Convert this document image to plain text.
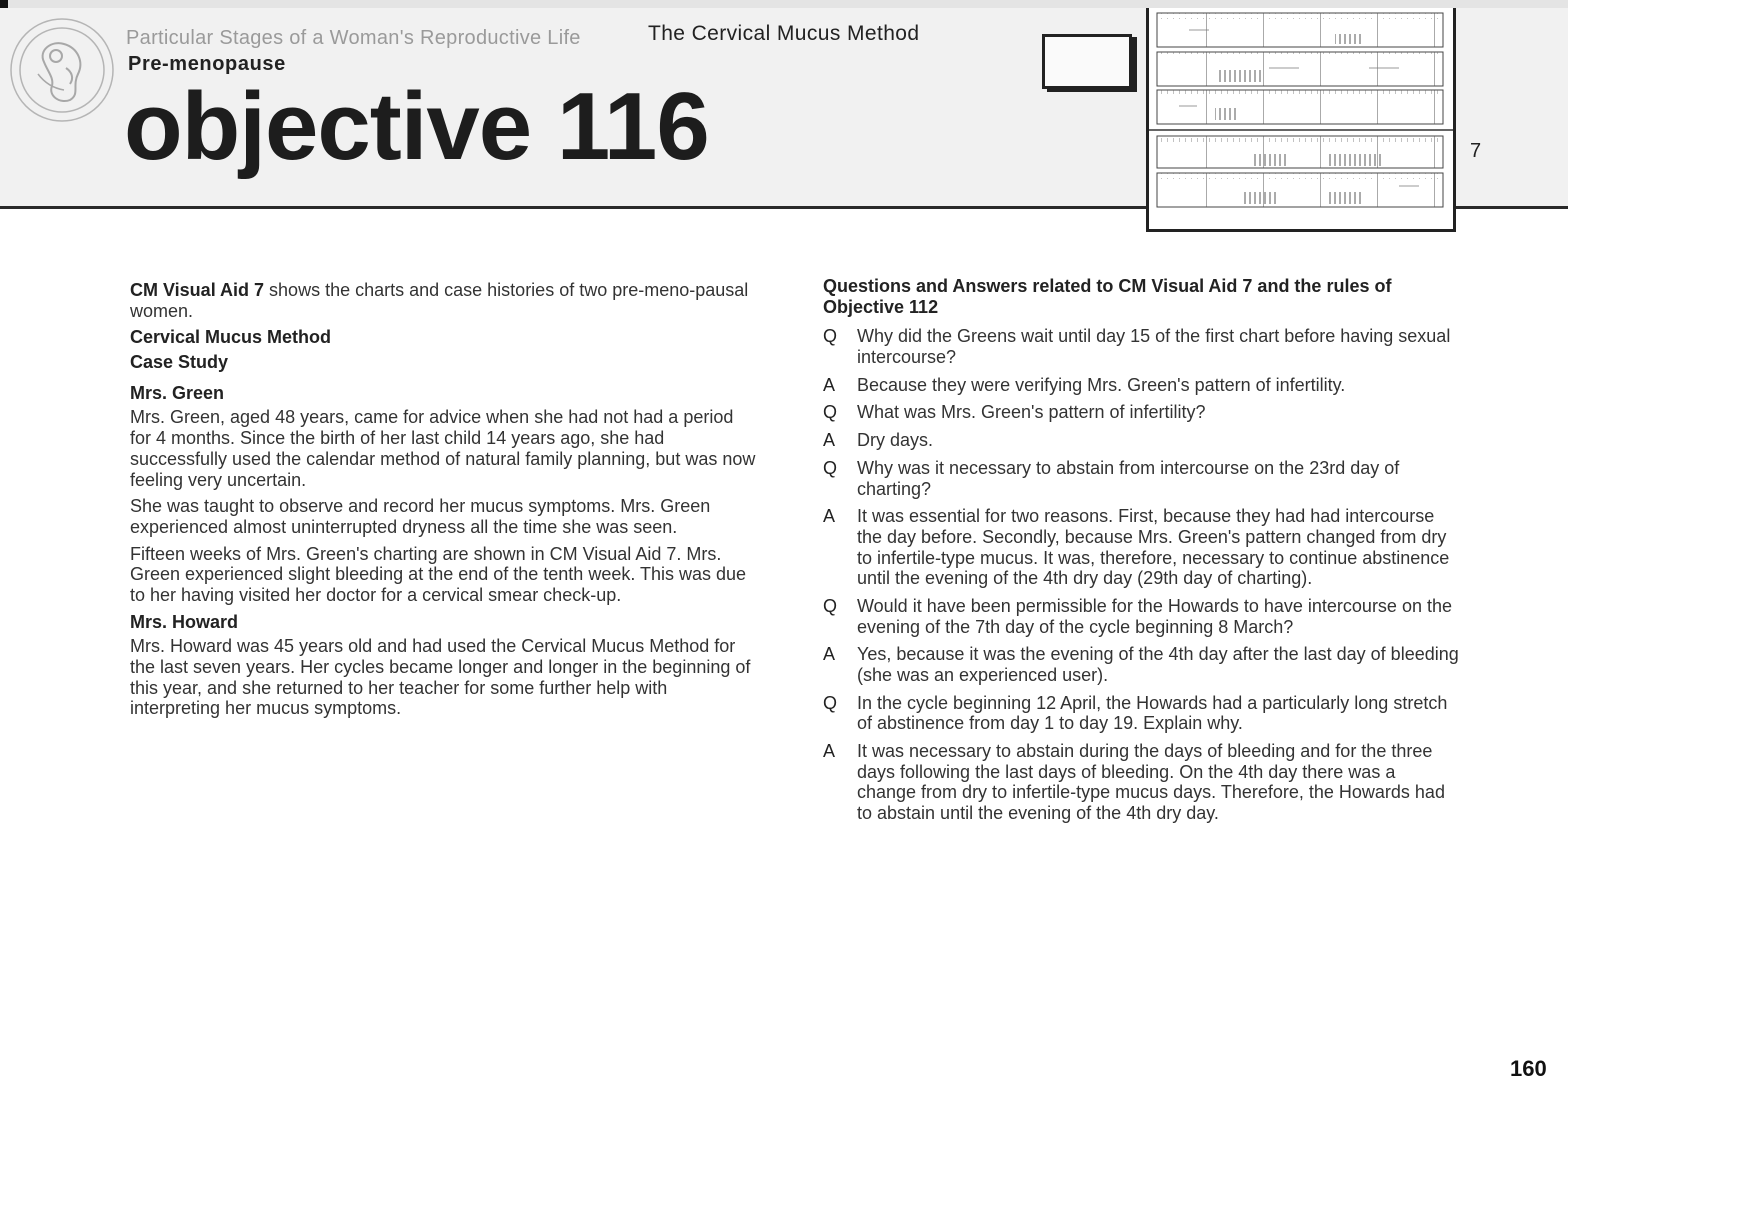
Particular Stages of a Woman's Reproductive Life	The Cervical Mucus Method
Pre-menopause
objective 116	7

CM Visual Aid 7 shows the charts and case histories of two pre-meno-pausal women.

Cervical Mucus Method

Case Study

Mrs. Green

Mrs. Green, aged 48 years, came for advice when she had not had a period for 4 months. Since the birth of her last child 14 years ago, she had successfully used the calendar method of natural family planning, but was now feeling very uncertain.

She was taught to observe and record her mucus symptoms. Mrs. Green experienced almost uninterrupted dryness all the time she was seen.

Fifteen weeks of Mrs. Green's charting are shown in CM Visual Aid 7. Mrs. Green experienced slight bleeding at the end of the tenth week. This was due to her having visited her doctor for a cervical smear check-up.

Mrs. Howard

Mrs. Howard was 45 years old and had used the Cervical Mucus Method for the last seven years. Her cycles became longer and longer in the beginning of this year, and she returned to her teacher for some further help with interpreting her mucus symptoms.

Questions and Answers related to CM Visual Aid 7 and the rules of Objective 112

Q	Why did the Greens wait until day 15 of the first chart before having sexual intercourse?
A	Because they were verifying Mrs. Green's pattern of infertility.
Q	What was Mrs. Green's pattern of infertility?
A	Dry days.
Q	Why was it necessary to abstain from intercourse on the 23rd day of charting?
A	It was essential for two reasons. First, because they had had intercourse the day before. Secondly, because Mrs. Green's pattern changed from dry to infertile-type mucus. It was, therefore, necessary to continue abstinence until the evening of the 4th dry day (29th day of charting).
Q	Would it have been permissible for the Howards to have intercourse on the evening of the 7th day of the cycle beginning 8 March?
A	Yes, because it was the evening of the 4th day after the last day of bleeding (she was an experienced user).
Q	In the cycle beginning 12 April, the Howards had a particularly long stretch of abstinence from day 1 to day 19. Explain why.
A	It was necessary to abstain during the days of bleeding and for the three days following the last days of bleeding. On the 4th day there was a change from dry to infertile-type mucus days. Therefore, the Howards had to abstain until the evening of the 4th dry day.
160
